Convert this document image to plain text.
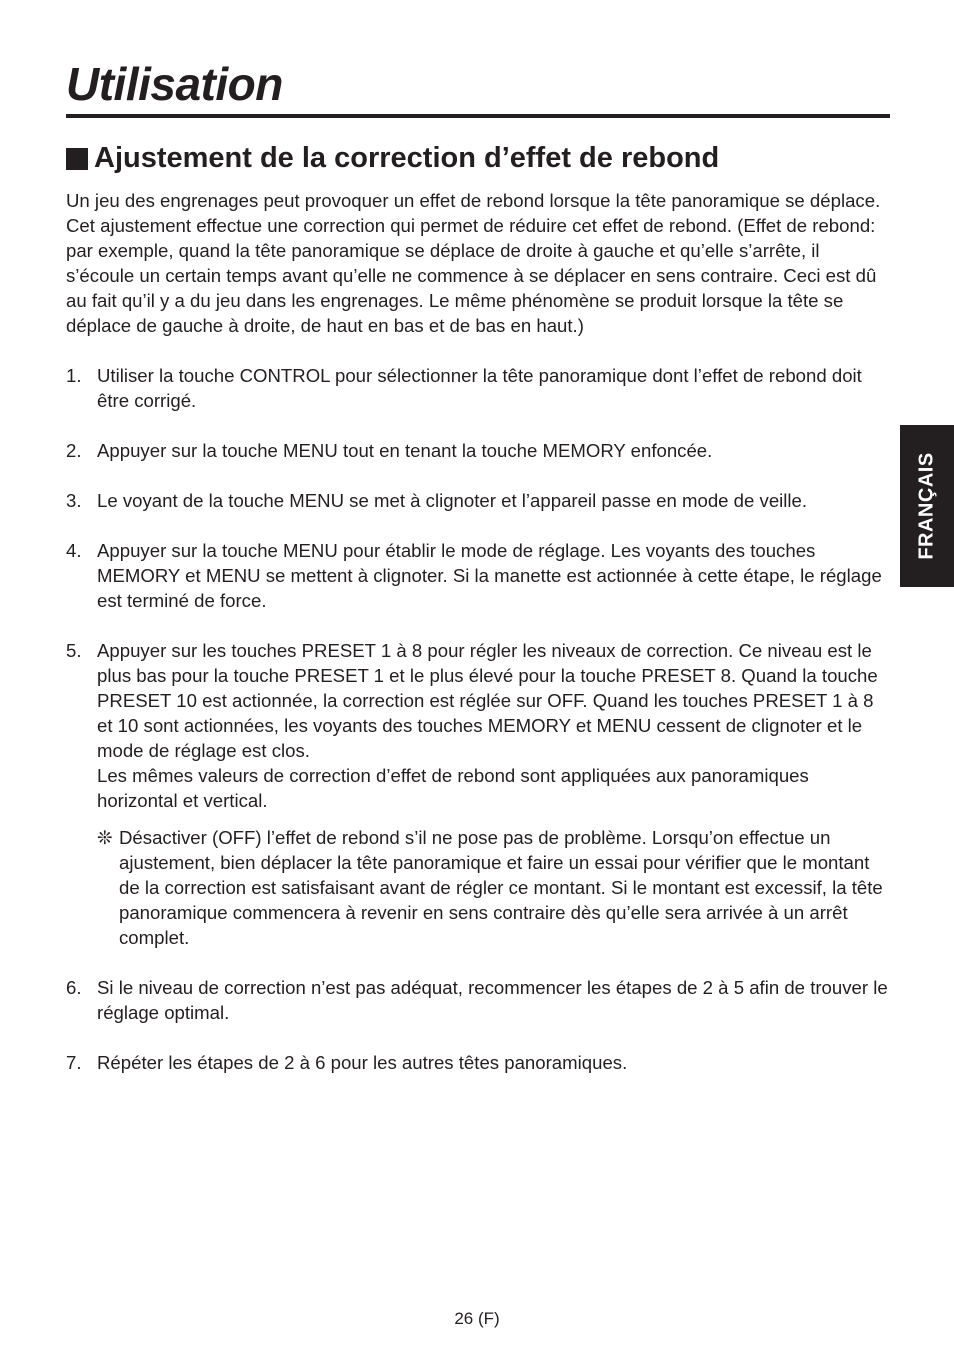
Utilisation
Ajustement de la correction d’effet de rebond

Un jeu des engrenages peut provoquer un effet de rebond lorsque la tête panoramique se déplace. Cet ajustement effectue une correction qui permet de réduire cet effet de rebond. (Effet de rebond: par exemple, quand la tête panoramique se déplace de droite à gauche et qu’elle s’arrête, il s’écoule un certain temps avant qu’elle ne commence à se déplacer en sens contraire. Ceci est dû au fait qu’il y a du jeu dans les engrenages. Le même phénomène se produit lorsque la tête se déplace de gauche à droite, de haut en bas et de bas en haut.)

1. Utiliser la touche CONTROL pour sélectionner la tête panoramique dont l’effet de rebond doit être corrigé.
2. Appuyer sur la touche MENU tout en tenant la touche MEMORY enfoncée.
3. Le voyant de la touche MENU se met à clignoter et l’appareil passe en mode de veille.
4. Appuyer sur la touche MENU pour établir le mode de réglage. Les voyants des touches MEMORY et MENU se mettent à clignoter. Si la manette est actionnée à cette étape, le réglage est terminé de force.
5. Appuyer sur les touches PRESET 1 à 8 pour régler les niveaux de correction. Ce niveau est le plus bas pour la touche PRESET 1 et le plus élevé pour la touche PRESET 8. Quand la touche PRESET 10 est actionnée, la correction est réglée sur OFF. Quand les touches PRESET 1 à 8 et 10 sont actionnées, les voyants des touches MEMORY et MENU cessent de clignoter et le mode de réglage est clos.
Les mêmes valeurs de correction d’effet de rebond sont appliquées aux panoramiques horizontal et vertical.
❊ Désactiver (OFF) l’effet de rebond s’il ne pose pas de problème. Lorsqu’on effectue un ajustement, bien déplacer la tête panoramique et faire un essai pour vérifier que le montant de la correction est satisfaisant avant de régler ce montant. Si le montant est excessif, la tête panoramique commencera à revenir en sens contraire dès qu’elle sera arrivée à un arrêt complet.
6. Si le niveau de correction n’est pas adéquat, recommencer les étapes de 2 à 5 afin de trouver le réglage optimal.
7. Répéter les étapes de 2 à 6 pour les autres têtes panoramiques.
FRANÇAIS
26 (F)
